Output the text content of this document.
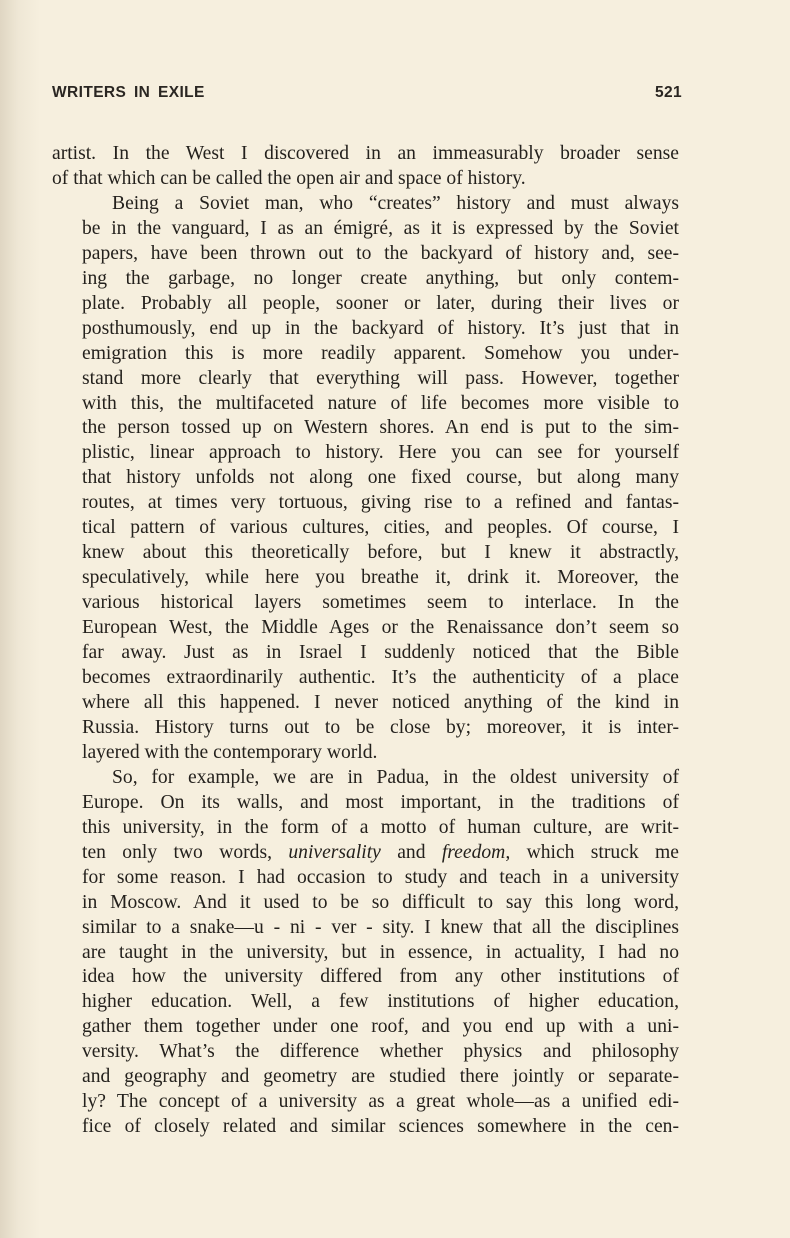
WRITERS IN EXILE	521

artist. In the West I discovered in an immeasurably broader sense
of that which can be called the open air and space of history.

Being a Soviet man, who “creates” history and must always
be in the vanguard, I as an émigré, as it is expressed by the Soviet
papers, have been thrown out to the backyard of history and, see-
ing the garbage, no longer create anything, but only contem-
plate. Probably all people, sooner or later, during their lives or
posthumously, end up in the backyard of history. It’s just that in
emigration this is more readily apparent. Somehow you under-
stand more clearly that everything will pass. However, together
with this, the multifaceted nature of life becomes more visible to
the person tossed up on Western shores. An end is put to the sim-
plistic, linear approach to history. Here you can see for yourself
that history unfolds not along one fixed course, but along many
routes, at times very tortuous, giving rise to a refined and fantas-
tical pattern of various cultures, cities, and peoples. Of course, I
knew about this theoretically before, but I knew it abstractly,
speculatively, while here you breathe it, drink it. Moreover, the
various historical layers sometimes seem to interlace. In the
European West, the Middle Ages or the Renaissance don’t seem so
far away. Just as in Israel I suddenly noticed that the Bible
becomes extraordinarily authentic. It’s the authenticity of a place
where all this happened. I never noticed anything of the kind in
Russia. History turns out to be close by; moreover, it is inter-
layered with the contemporary world.

So, for example, we are in Padua, in the oldest university of
Europe. On its walls, and most important, in the traditions of
this university, in the form of a motto of human culture, are writ-
ten only two words, universality and freedom, which struck me
for some reason. I had occasion to study and teach in a university
in Moscow. And it used to be so difficult to say this long word,
similar to a snake—u - ni - ver - sity. I knew that all the disciplines
are taught in the university, but in essence, in actuality, I had no
idea how the university differed from any other institutions of
higher education. Well, a few institutions of higher education,
gather them together under one roof, and you end up with a uni-
versity. What’s the difference whether physics and philosophy
and geography and geometry are studied there jointly or separate-
ly? The concept of a university as a great whole—as a unified edi-
fice of closely related and similar sciences somewhere in the cen-
